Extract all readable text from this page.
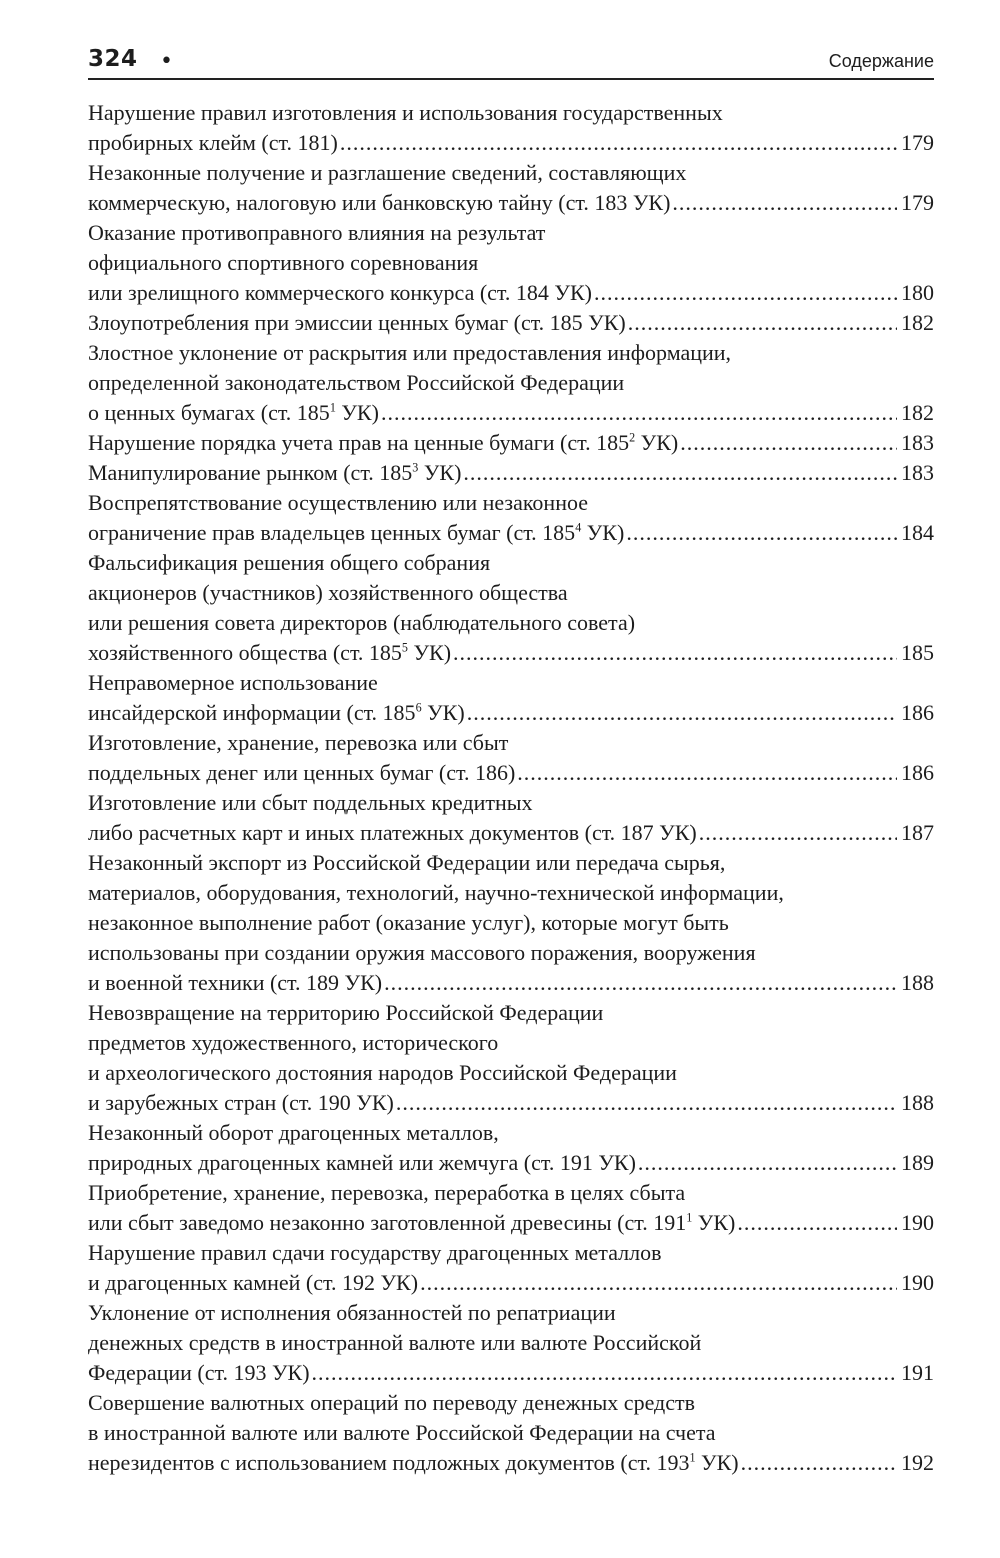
324 •	Содержание
Нарушение правил изготовления и использования государственных
пробирных клейм (ст. 181) .....	179
Незаконные получение и разглашение сведений, составляющих
коммерческую, налоговую или банковскую тайну (ст. 183 УК) .....	179
Оказание противоправного влияния на результат
официального спортивного соревнования
или зрелищного коммерческого конкурса (ст. 184 УК) .....	180
Злоупотребления при эмиссии ценных бумаг (ст. 185 УК) .....	182
Злостное уклонение от раскрытия или предоставления информации,
определенной законодательством Российской Федерации
о ценных бумагах (ст. $185^1$ УК) .....	182
Нарушение порядка учета прав на ценные бумаги (ст. $185^2$ УК) .....	183
Манипулирование рынком (ст. $185^3$ УК) .....	183
Воспрепятствование осуществлению или незаконное
ограничение прав владельцев ценных бумаг (ст. $185^4$ УК) .....	184
Фальсификация решения общего собрания
акционеров (участников) хозяйственного общества
или решения совета директоров (наблюдательного совета)
хозяйственного общества (ст. $185^5$ УК) .....	185
Неправомерное использование
инсайдерской информации (ст. $185^6$ УК) .....	186
Изготовление, хранение, перевозка или сбыт
поддельных денег или ценных бумаг (ст. 186) .....	186
Изготовление или сбыт поддельных кредитных
либо расчетных карт и иных платежных документов (ст. 187 УК) .....	187
Незаконный экспорт из Российской Федерации или передача сырья,
материалов, оборудования, технологий, научно-технической информации,
незаконное выполнение работ (оказание услуг), которые могут быть
использованы при создании оружия массового поражения, вооружения
и военной техники (ст. 189 УК) .....	188
Невозвращение на территорию Российской Федерации
предметов художественного, исторического
и археологического достояния народов Российской Федерации
и зарубежных стран (ст. 190 УК) .....	188
Незаконный оборот драгоценных металлов,
природных драгоценных камней или жемчуга (ст. 191 УК) .....	189
Приобретение, хранение, перевозка, переработка в целях сбыта
или сбыт заведомо незаконно заготовленной древесины (ст. $191^1$ УК) .....	190
Нарушение правил сдачи государству драгоценных металлов
и драгоценных камней (ст. 192 УК) .....	190
Уклонение от исполнения обязанностей по репатриации
денежных средств в иностранной валюте или валюте Российской
Федерации (ст. 193 УК) .....	191
Совершение валютных операций по переводу денежных средств
в иностранной валюте или валюте Российской Федерации на счета
нерезидентов с использованием подложных документов (ст. $193^1$ УК) .....	192
